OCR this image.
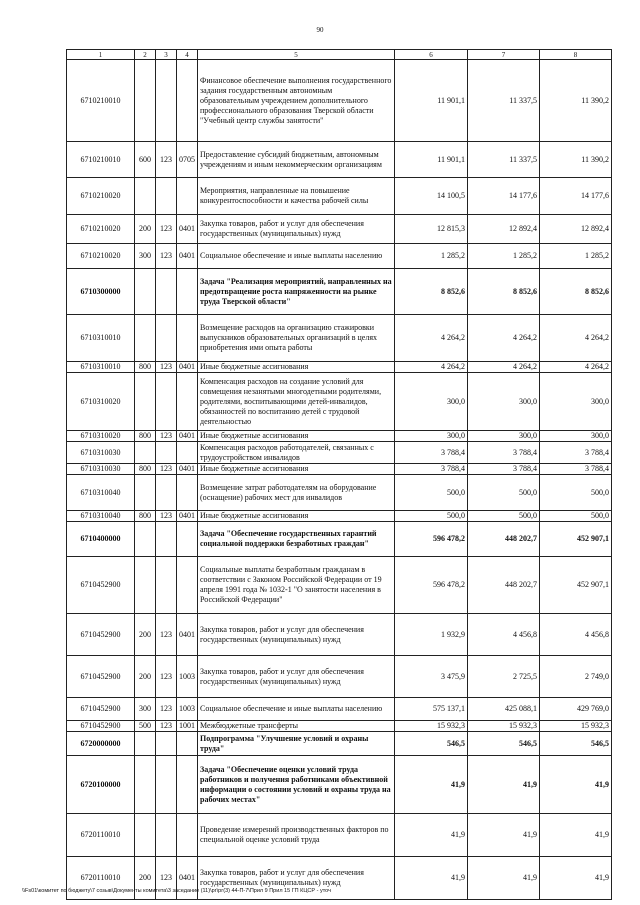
90
1	2	3	4	5	6	7	8
6710210010				Финансовое обеспечение выполнения государственного задания государственным автономным образовательным учреждением дополнительного профессионального образования Тверской области "Учебный центр службы занятости"	11 901,1	11 337,5	11 390,2
6710210010	600	123	0705	Предоставление субсидий бюджетным, автономным учреждениям и иным некоммерческим организациям	11 901,1	11 337,5	11 390,2
6710210020				Мероприятия, направленные на повышение конкурентоспособности и качества рабочей силы	14 100,5	14 177,6	14 177,6
6710210020	200	123	0401	Закупка товаров, работ и услуг для обеспечения государственных (муниципальных) нужд	12 815,3	12 892,4	12 892,4
6710210020	300	123	0401	Социальное обеспечение и иные выплаты населению	1 285,2	1 285,2	1 285,2
6710300000				Задача "Реализация мероприятий, направленных на предотвращение роста напряженности на рынке труда Тверской области"	8 852,6	8 852,6	8 852,6
6710310010				Возмещение расходов на организацию стажировки выпускников образовательных организаций в целях приобретения ими опыта работы	4 264,2	4 264,2	4 264,2
6710310010	800	123	0401	Иные бюджетные ассигнования	4 264,2	4 264,2	4 264,2
6710310020				Компенсация расходов на создание условий для совмещения незанятыми многодетными родителями, родителями, воспитывающими детей-инвалидов, обязанностей по воспитанию детей с трудовой деятельностью	300,0	300,0	300,0
6710310020	800	123	0401	Иные бюджетные ассигнования	300,0	300,0	300,0
6710310030				Компенсация расходов работодателей, связанных с трудоустройством инвалидов	3 788,4	3 788,4	3 788,4
6710310030	800	123	0401	Иные бюджетные ассигнования	3 788,4	3 788,4	3 788,4
6710310040				Возмещение затрат работодателям на оборудование (оснащение) рабочих мест для инвалидов	500,0	500,0	500,0
6710310040	800	123	0401	Иные бюджетные ассигнования	500,0	500,0	500,0
6710400000				Задача "Обеспечение государственных гарантий социальной поддержки безработных граждан"	596 478,2	448 202,7	452 907,1
6710452900				Социальные выплаты безработным гражданам в соответствии с Законом Российской Федерации от 19 апреля 1991 года № 1032-1 "О занятости населения в Российской Федерации"	596 478,2	448 202,7	452 907,1
6710452900	200	123	0401	Закупка товаров, работ и услуг для обеспечения государственных (муниципальных) нужд	1 932,9	4 456,8	4 456,8
6710452900	200	123	1003	Закупка товаров, работ и услуг для обеспечения государственных (муниципальных) нужд	3 475,9	2 725,5	2 749,0
6710452900	300	123	1003	Социальное обеспечение и иные выплаты населению	575 137,1	425 088,1	429 769,0
6710452900	500	123	1001	Межбюджетные трансферты	15 932,3	15 932,3	15 932,3
6720000000				Подпрограмма "Улучшение условий и охраны труда"	546,5	546,5	546,5
6720100000				Задача "Обеспечение оценки условий труда работников и получения работниками объективной информации о состоянии условий и охраны труда на рабочих местах"	41,9	41,9	41,9
6720110010				Проведение измерений производственных факторов по специальной оценке условий труда	41,9	41,9	41,9
6720110010	200	123	0401	Закупка товаров, работ и услуг для обеспечения государственных (муниципальных) нужд	41,9	41,9	41,9
\\Fs01\комитет по бюджету\7 созыв\Документы комитета\3 заседание (11)\рг\рг(3) 44-П-7\Прил 9 Прил 15 ГП КЦСР - уточ
